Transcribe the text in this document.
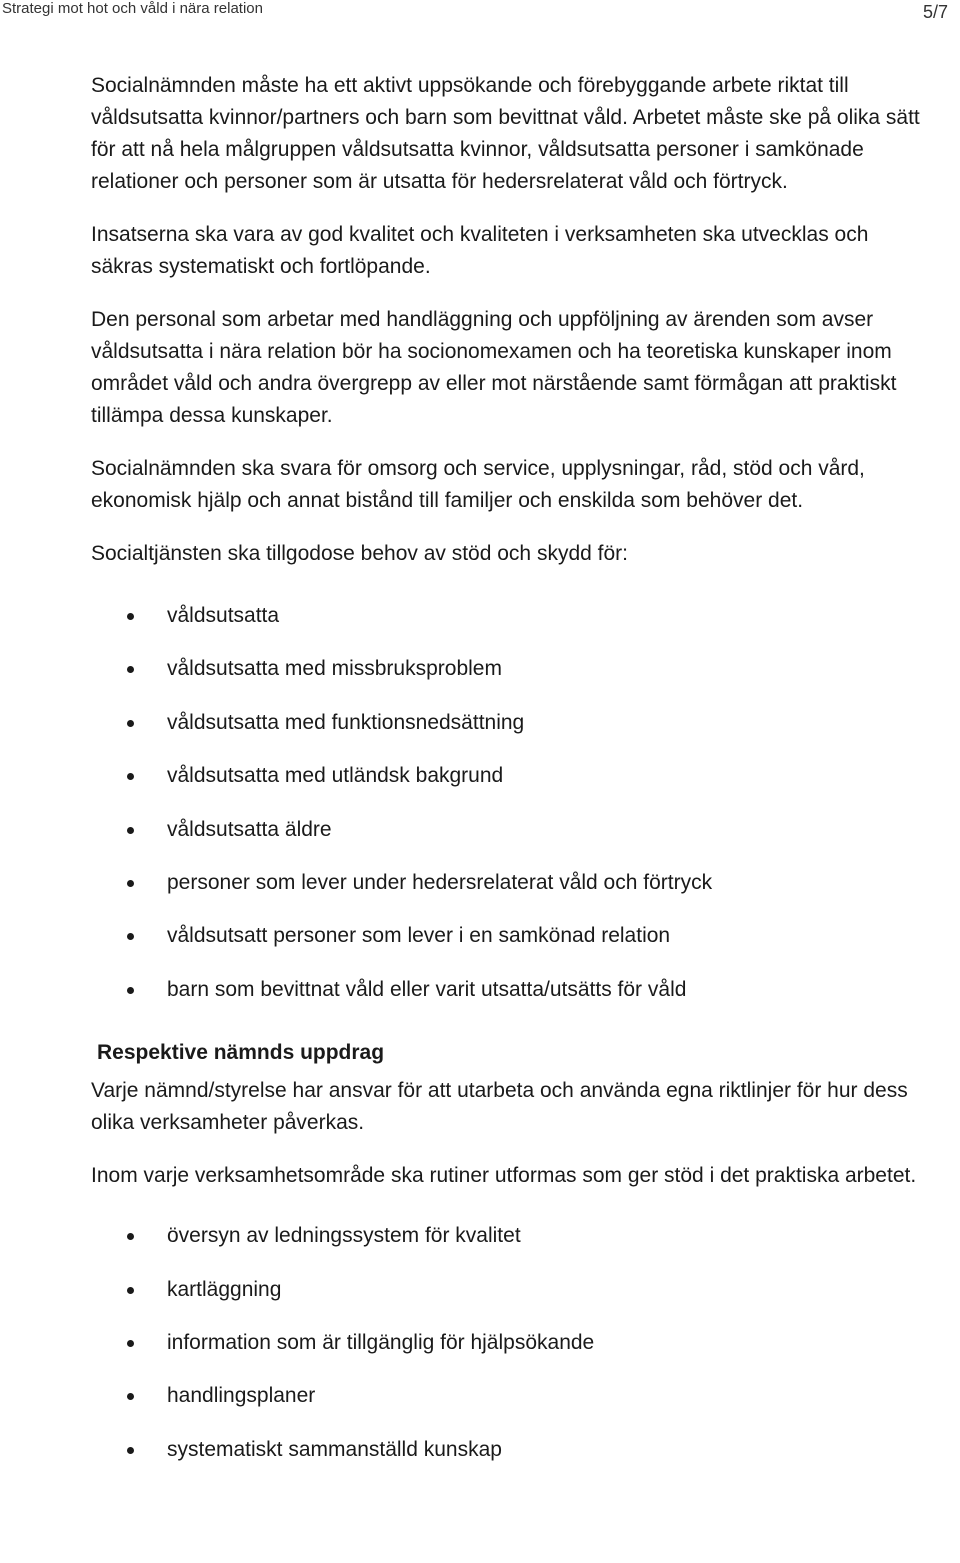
Strategi mot hot och våld i nära relation	5/7

Socialnämnden måste ha ett aktivt uppsökande och förebyggande arbete riktat till våldsutsatta kvinnor/partners och barn som bevittnat våld. Arbetet måste ske på olika sätt för att nå hela målgruppen våldsutsatta kvinnor, våldsutsatta personer i samkönade relationer och personer som är utsatta för hedersrelaterat våld och förtryck.

Insatserna ska vara av god kvalitet och kvaliteten i verksamheten ska utvecklas och säkras systematiskt och fortlöpande.

Den personal som arbetar med handläggning och uppföljning av ärenden som avser våldsutsatta i nära relation bör ha socionomexamen och ha teoretiska kunskaper inom området våld och andra övergrepp av eller mot närstående samt förmågan att praktiskt tillämpa dessa kunskaper.

Socialnämnden ska svara för omsorg och service, upplysningar, råd, stöd och vård, ekonomisk hjälp och annat bistånd till familjer och enskilda som behöver det.

Socialtjänsten ska tillgodose behov av stöd och skydd för:

våldsutsatta
våldsutsatta med missbruksproblem
våldsutsatta med funktionsnedsättning
våldsutsatta med utländsk bakgrund
våldsutsatta äldre
personer som lever under hedersrelaterat våld och förtryck
våldsutsatt personer som lever i en samkönad relation
barn som bevittnat våld eller varit utsatta/utsätts för våld
Respektive nämnds uppdrag

Varje nämnd/styrelse har ansvar för att utarbeta och använda egna riktlinjer för hur dess olika verksamheter påverkas.

Inom varje verksamhetsområde ska rutiner utformas som ger stöd i det praktiska arbetet.

översyn av ledningssystem för kvalitet
kartläggning
information som är tillgänglig för hjälpsökande
handlingsplaner
systematiskt sammanställd kunskap
